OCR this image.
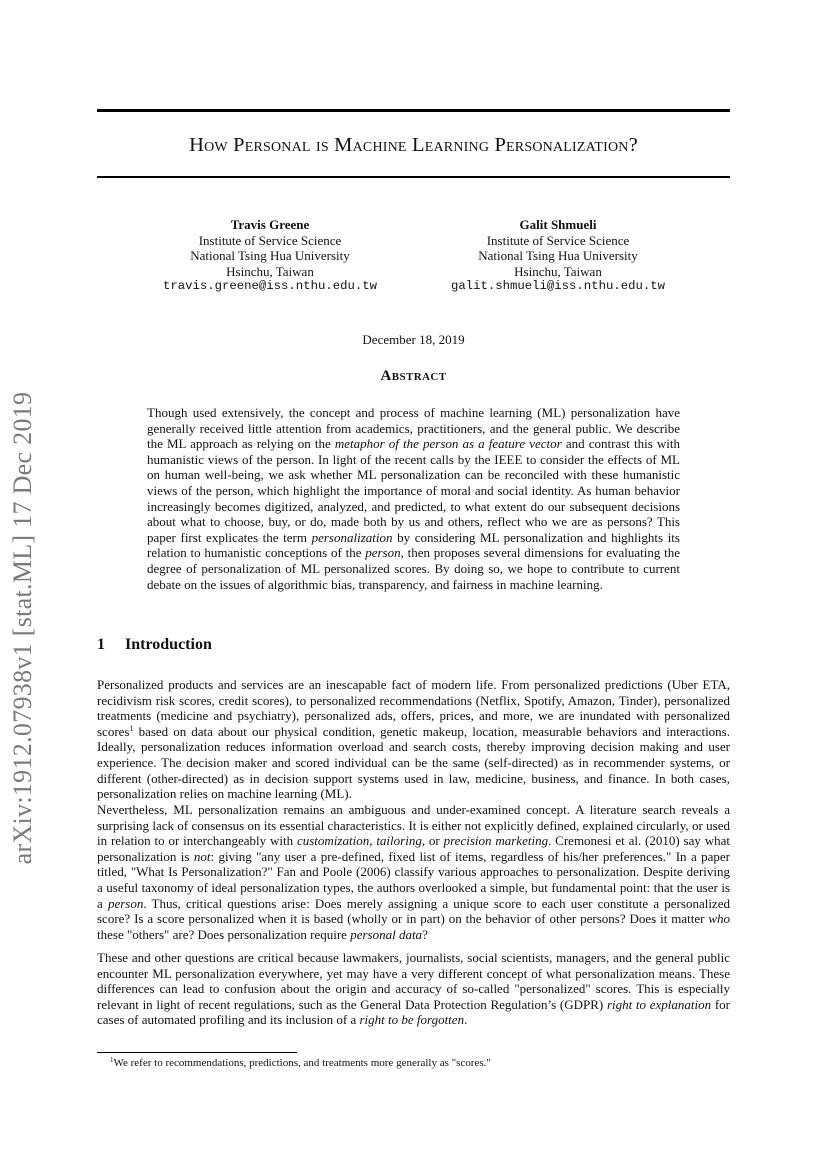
arXiv:1912.07938v1 [stat.ML] 17 Dec 2019
How Personal is Machine Learning Personalization?
Travis Greene
Institute of Service Science
National Tsing Hua University
Hsinchu, Taiwan
travis.greene@iss.nthu.edu.tw
Galit Shmueli
Institute of Service Science
National Tsing Hua University
Hsinchu, Taiwan
galit.shmueli@iss.nthu.edu.tw
December 18, 2019
Abstract

Though used extensively, the concept and process of machine learning (ML) personalization have generally received little attention from academics, practitioners, and the general public. We describe the ML approach as relying on the metaphor of the person as a feature vector and contrast this with humanistic views of the person. In light of the recent calls by the IEEE to consider the effects of ML on human well-being, we ask whether ML personalization can be reconciled with these humanistic views of the person, which highlight the importance of moral and social identity. As human behavior increasingly becomes digitized, analyzed, and predicted, to what extent do our subsequent decisions about what to choose, buy, or do, made both by us and others, reflect who we are as persons? This paper first explicates the term personalization by considering ML personalization and highlights its relation to humanistic conceptions of the person, then proposes several dimensions for evaluating the degree of personalization of ML personalized scores. By doing so, we hope to contribute to current debate on the issues of algorithmic bias, transparency, and fairness in machine learning.

1 Introduction

Personalized products and services are an inescapable fact of modern life. From personalized predictions (Uber ETA, recidivism risk scores, credit scores), to personalized recommendations (Netflix, Spotify, Amazon, Tinder), personalized treatments (medicine and psychiatry), personalized ads, offers, prices, and more, we are inundated with personalized scores$^1$ based on data about our physical condition, genetic makeup, location, measurable behaviors and interactions. Ideally, personalization reduces information overload and search costs, thereby improving decision making and user experience. The decision maker and scored individual can be the same (self-directed) as in recommender systems, or different (other-directed) as in decision support systems used in law, medicine, business, and finance. In both cases, personalization relies on machine learning (ML).

Nevertheless, ML personalization remains an ambiguous and under-examined concept. A literature search reveals a surprising lack of consensus on its essential characteristics. It is either not explicitly defined, explained circularly, or used in relation to or interchangeably with customization, tailoring, or precision marketing. Cremonesi et al. (2010) say what personalization is not: giving "any user a pre-defined, fixed list of items, regardless of his/her preferences." In a paper titled, "What Is Personalization?" Fan and Poole (2006) classify various approaches to personalization. Despite deriving a useful taxonomy of ideal personalization types, the authors overlooked a simple, but fundamental point: that the user is a person. Thus, critical questions arise: Does merely assigning a unique score to each user constitute a personalized score? Is a score personalized when it is based (wholly or in part) on the behavior of other persons? Does it matter who these "others" are? Does personalization require personal data?

These and other questions are critical because lawmakers, journalists, social scientists, managers, and the general public encounter ML personalization everywhere, yet may have a very different concept of what personalization means. These differences can lead to confusion about the origin and accuracy of so-called "personalized" scores. This is especially relevant in light of recent regulations, such as the General Data Protection Regulation’s (GDPR) right to explanation for cases of automated profiling and its inclusion of a right to be forgotten.

$^1$We refer to recommendations, predictions, and treatments more generally as "scores."
